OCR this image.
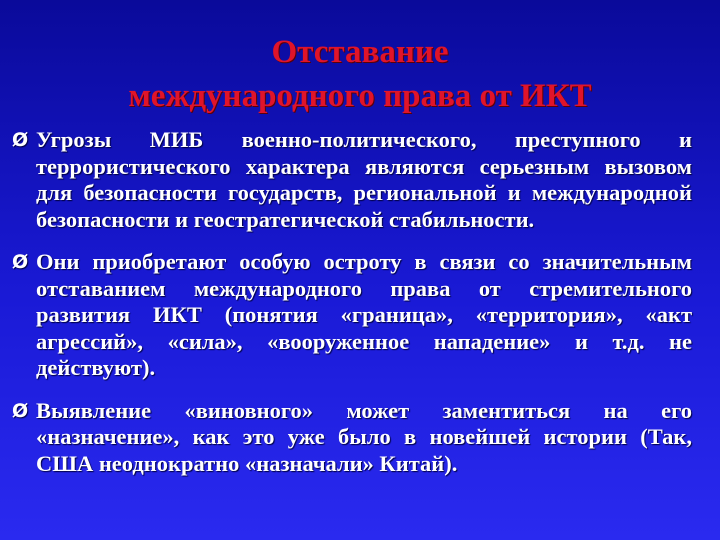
Отставание
международного права от ИКТ
Ø Угрозы МИБ военно-политического, преступного и террористического характера являются серьезным вызовом для безопасности государств, региональной и международной безопасности и геостратегической стабильности.
Ø Они приобретают особую остроту в связи со значительным отставанием международного права от стремительного развития ИКТ (понятия «граница», «территория», «акт агрессий», «сила», «вооруженное нападение» и т.д. не действуют).
Ø Выявление «виновного» может заментиться на его «назначение», как это уже было в новейшей истории (Так, США неоднократно «назначали» Китай).
